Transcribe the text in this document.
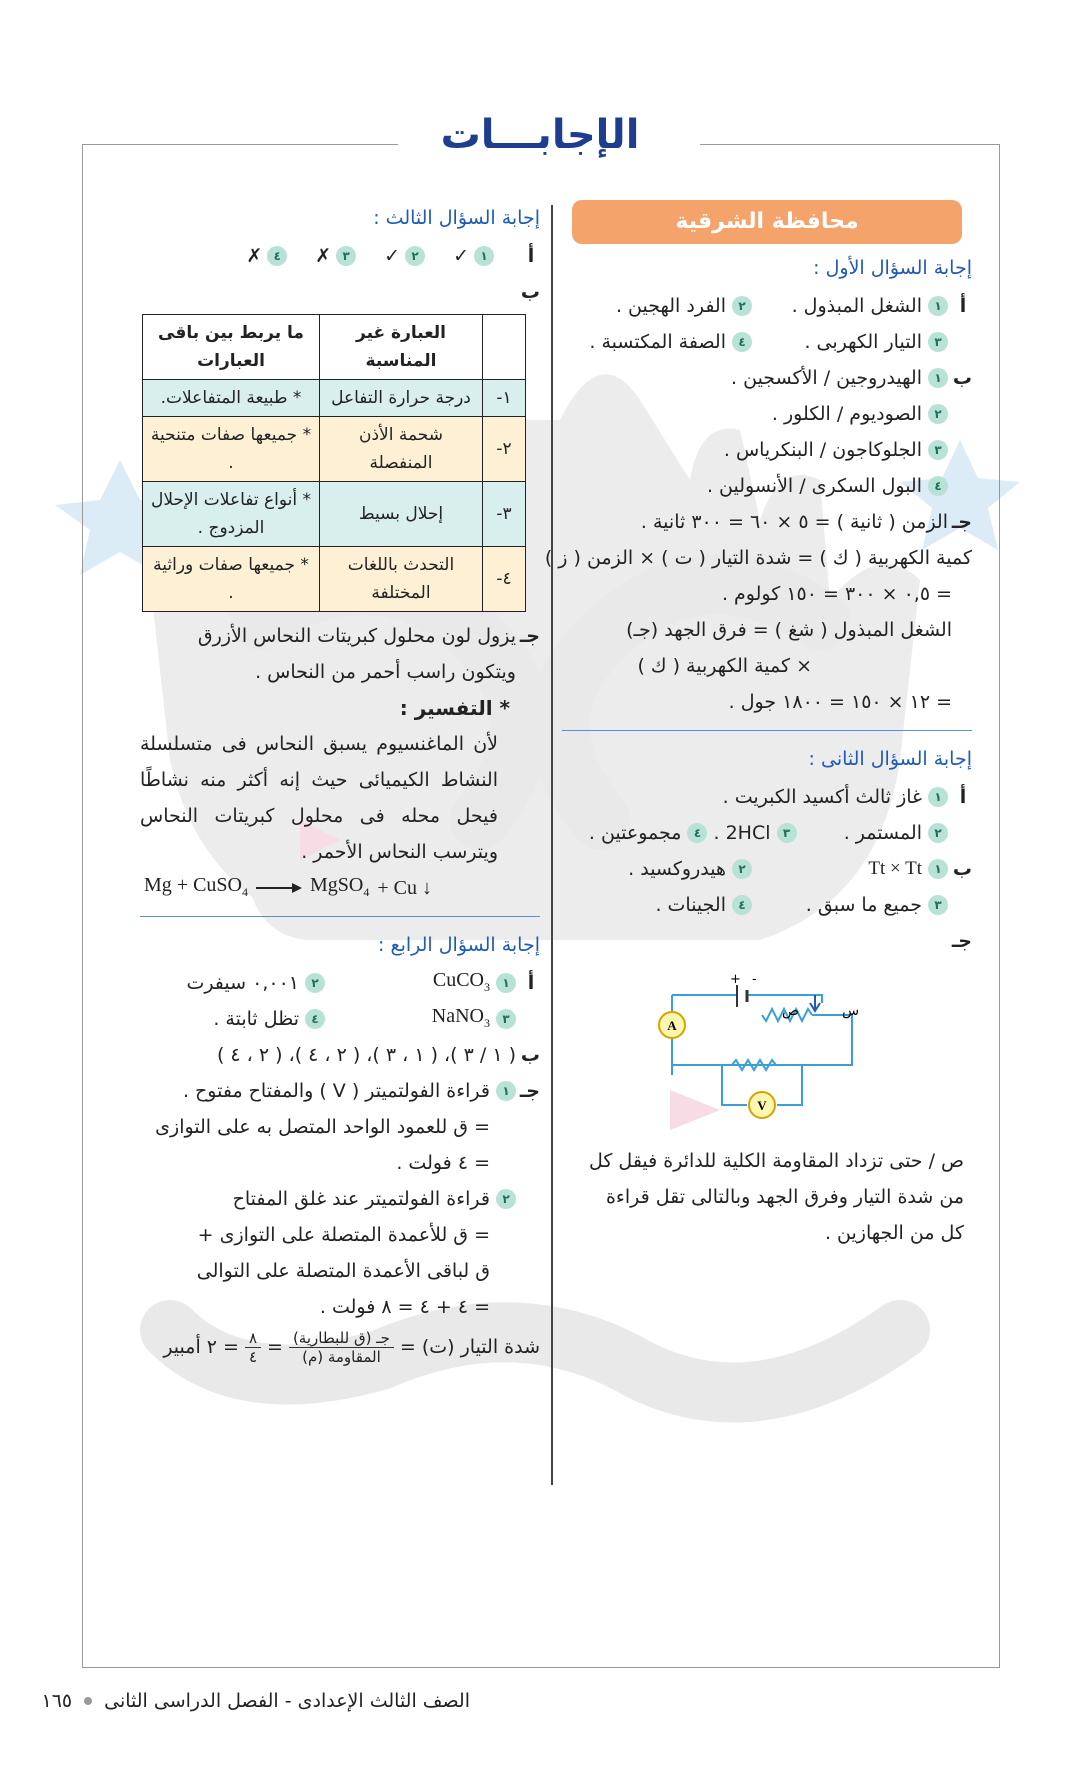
الإجابـــات
محافظة الشرقية
إجابة السؤال الأول :
أ
١
الشغل المبذول .
٢
الفرد الهجين .
٣
التيار الكهربى .
٤
الصفة المكتسبة .
ب
١
الهيدروجين / الأكسجين .
٢
الصوديوم / الكلور .
٣
الجلوكاجون / البنكرياس .
٤
البول السكرى / الأنسولين .
جـ
الزمن ( ثانية ) = ٥ × ٦٠ = ٣٠٠ ثانية .
كمية الكهربية ( ك ) = شدة التيار ( ت ) × الزمن ( ز )
= ٠,٥ × ٣٠٠ = ١٥٠ كولوم .
الشغل المبذول ( شغ ) = فرق الجهد (جـ)
× كمية الكهربية ( ك )
= ١٢ × ١٥٠ = ١٨٠٠ جول .
إجابة السؤال الثانى :
أ
١
غاز ثالث أكسيد الكبريت .
٢
المستمر .
٣
2HCl .
٤
مجموعتين .
ب
١
Tt × Tt
٢
هيدروكسيد .
٣
جميع ما سبق .
٤
الجينات .
جـ
A
V
+ -
س
ص
ص / حتى تزداد المقاومة الكلية للدائرة فيقل كل من شدة التيار وفرق الجهد وبالتالى تقل قراءة كل من الجهازين .
إجابة السؤال الثالث :
أ
١
✓
٢
✓
٣
✗
٤
✗
ب
	العبارة غير المناسبة	ما يربط بين باقى العبارات
١-	درجة حرارة التفاعل	* طبيعة المتفاعلات.
٢-	شحمة الأذن المنفصلة	* جميعها صفات متنحية .
٣-	إحلال بسيط	* أنواع تفاعلات الإحلال المزدوج .
٤-	التحدث باللغات المختلفة	* جميعها صفات وراثية .
جـ
يزول لون محلول كبريتات النحاس الأزرق ويتكون راسب أحمر من النحاس .
* التفسير :
لأن الماغنسيوم يسبق النحاس فى متسلسلة النشاط الكيميائى حيث إنه أكثر منه نشاطًا فيحل محله فى محلول كبريتات النحاس ويترسب النحاس الأحمر .
Mg + CuSO$_4$	MgSO$_4$ + Cu ↓
إجابة السؤال الرابع :
أ
١
CuCO$_3$
٢
٠,٠٠١ سيفرت
٣
NaNO$_3$
٤
تظل ثابتة .
ب
( ١ / ٣ )، ( ١ ، ٣ )، ( ٢ ، ٤ )، ( ٢ ، ٤ )
جـ
١
قراءة الفولتميتر ( V ) والمفتاح مفتوح .
= ق للعمود الواحد المتصل به على التوازى
= ٤ فولت .
٢
قراءة الفولتميتر عند غلق المفتاح
= ق للأعمدة المتصلة على التوازى +
ق لباقى الأعمدة المتصلة على التوالى
= ٤ + ٤ = ٨ فولت .
شدة التيار (ت) =
$\frac{\text{جـ (ق للبطارية)}}{\text{المقاومة (م)}}$
=
$\frac{٨}{٤}$
= ٢ أمبير
الصف الثالث الإعدادى - الفصل الدراسى الثانى
١٦٥
